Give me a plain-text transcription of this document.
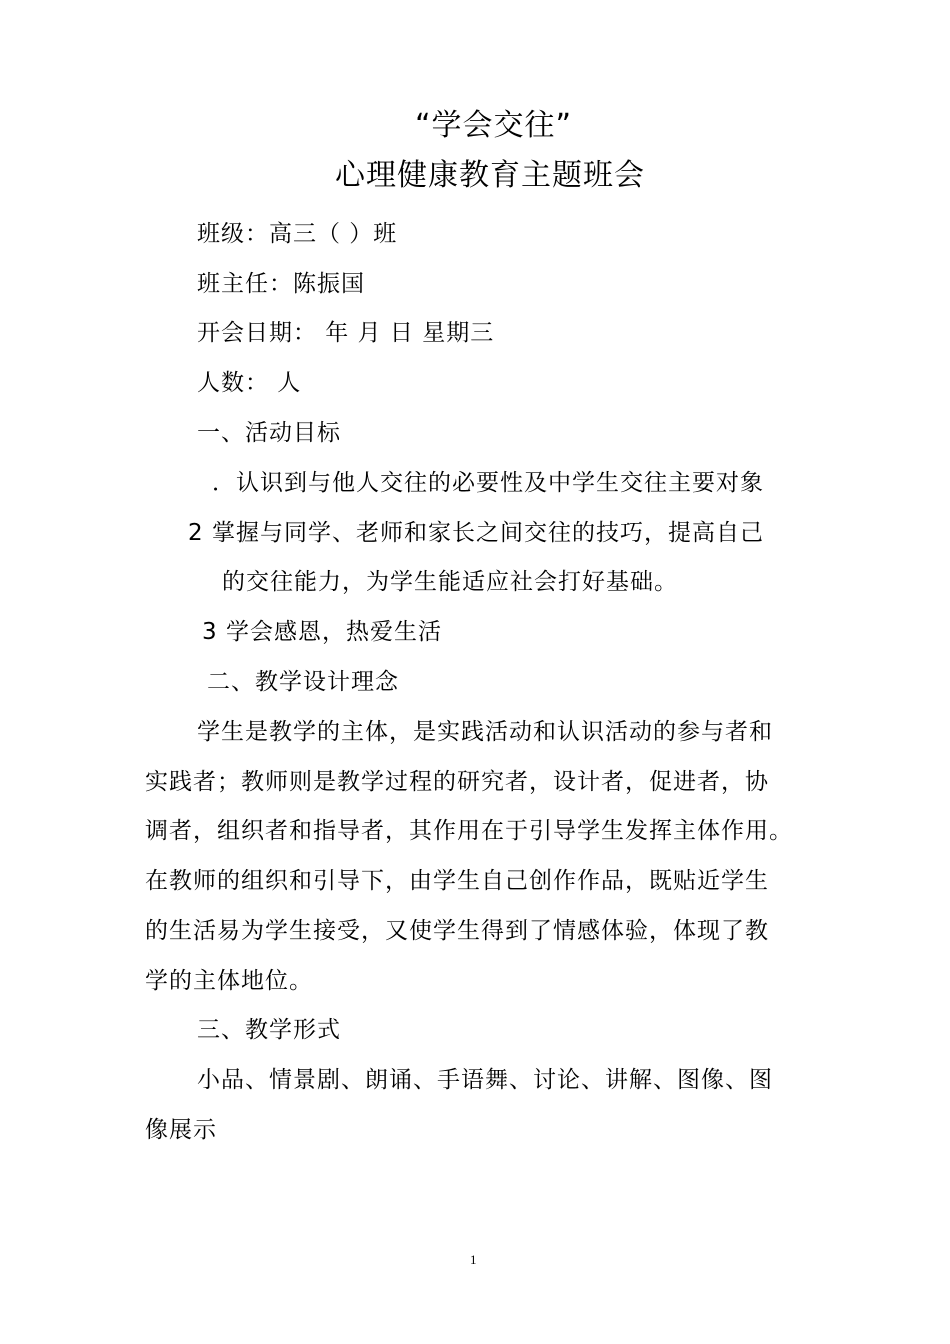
“学会交往”
心理健康教育主题班会
班级：高三（ ）班
班主任：陈振国
开会日期： 年 月 日 星期三
人数： 人
一、活动目标
．认识到与他人交往的必要性及中学生交往主要对象
2 掌握与同学、老师和家长之间交往的技巧，提高自己
的交往能力，为学生能适应社会打好基础。
3 学会感恩，热爱生活
二、教学设计理念
学生是教学的主体，是实践活动和认识活动的参与者和
实践者；教师则是教学过程的研究者，设计者，促进者，协
调者，组织者和指导者，其作用在于引导学生发挥主体作用。
在教师的组织和引导下，由学生自己创作作品，既贴近学生
的生活易为学生接受，又使学生得到了情感体验，体现了教
学的主体地位。
三、教学形式
小品、情景剧、朗诵、手语舞、讨论、讲解、图像、图
像展示
1
